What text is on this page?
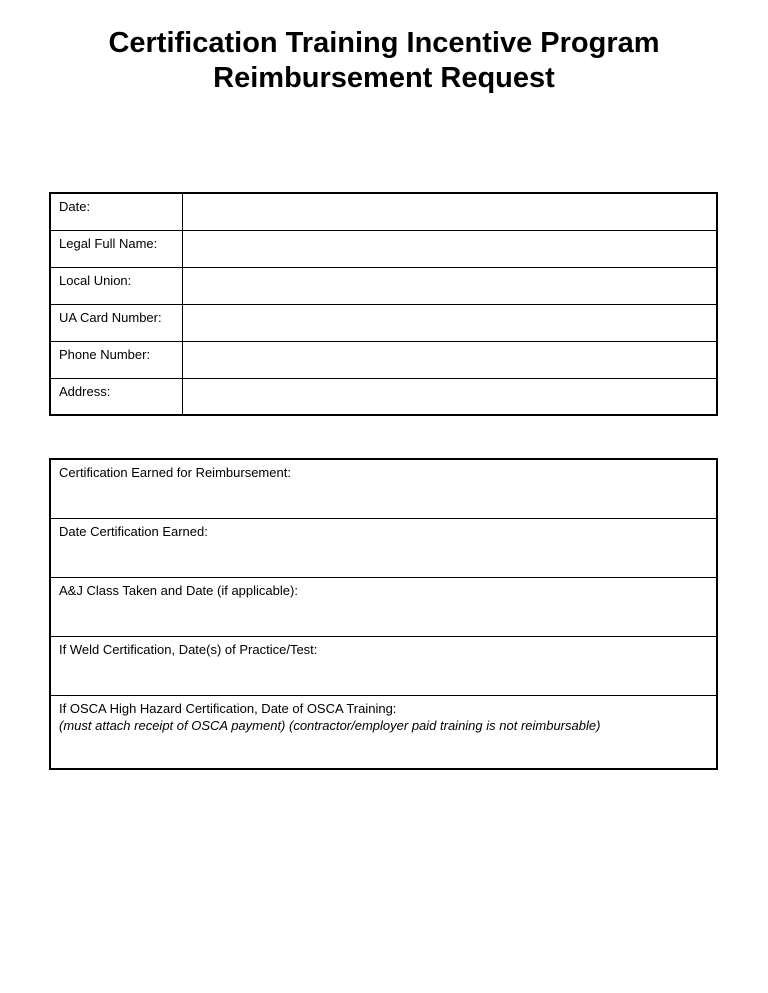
Certification Training Incentive Program
Reimbursement Request
Date:	
Legal Full Name:	
Local Union:	
UA Card Number:	
Phone Number:	
Address:	
Certification Earned for Reimbursement:
Date Certification Earned:
A&J Class Taken and Date (if applicable):
If Weld Certification, Date(s) of Practice/Test:
If OSCA High Hazard Certification, Date of OSCA Training:
(must attach receipt of OSCA payment) (contractor/employer paid training is not reimbursable)
